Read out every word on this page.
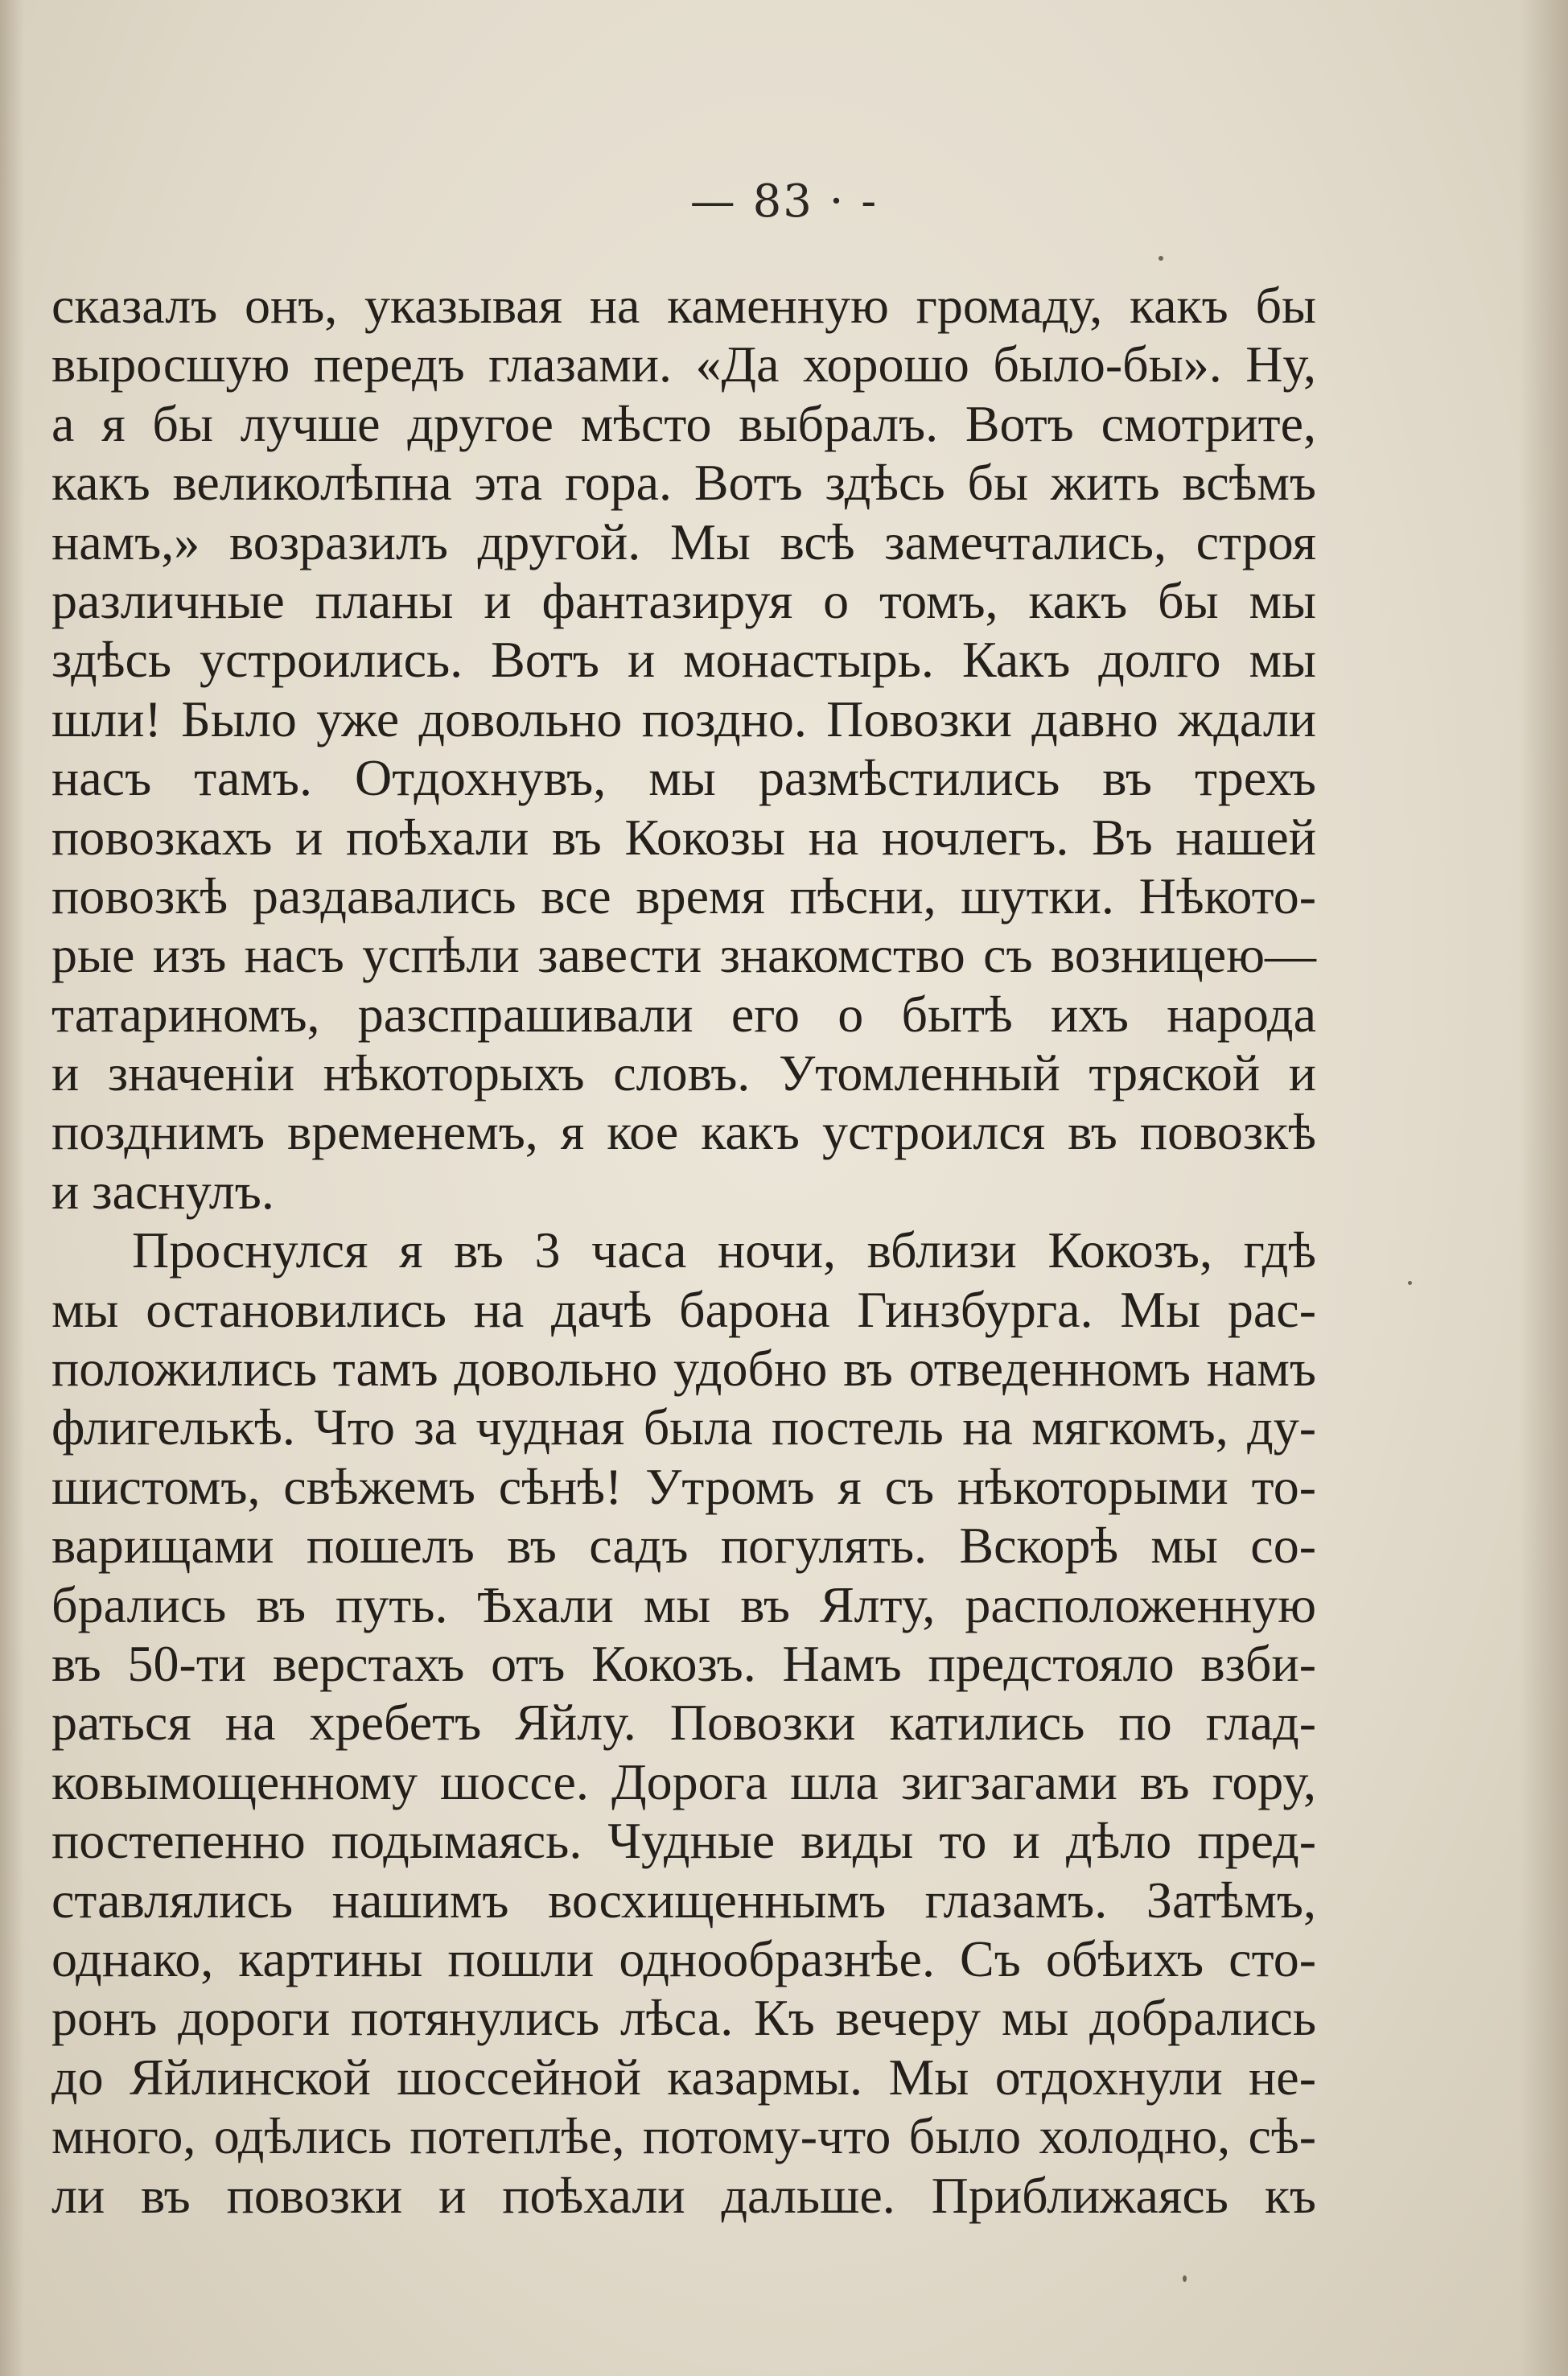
— 83 · -

сказалъ онъ, указывая на каменную громаду, какъ бы
выросшую передъ глазами. «Да хорошо было-бы». Ну,
а я бы лучше другое мѣсто выбралъ. Вотъ смотрите,
какъ великолѣпна эта гора. Вотъ здѣсь бы жить всѣмъ
намъ,» возразилъ другой. Мы всѣ замечтались, строя
различные планы и фантазируя о томъ, какъ бы мы
здѣсь устроились. Вотъ и монастырь. Какъ долго мы
шли! Было уже довольно поздно. Повозки давно ждали
насъ тамъ. Отдохнувъ, мы размѣстились въ трехъ
повозкахъ и поѣхали въ Кокозы на ночлегъ. Въ нашей
повозкѣ раздавались все время пѣсни, шутки. Нѣкото-
рые изъ насъ успѣли завести знакомство съ возницею—
татариномъ, разспрашивали его о бытѣ ихъ народа
и значенiи нѣкоторыхъ словъ. Утомленный тряской и
позднимъ временемъ, я кое какъ устроился въ повозкѣ
и заснулъ.
Проснулся я въ 3 часа ночи, вблизи Кокозъ, гдѣ
мы остановились на дачѣ барона Гинзбурга. Мы рас-
положились тамъ довольно удобно въ отведенномъ намъ
флигелькѣ. Что за чудная была постель на мягкомъ, ду-
шистомъ, свѣжемъ сѣнѣ! Утромъ я съ нѣкоторыми то-
варищами пошелъ въ садъ погулять. Вскорѣ мы со-
брались въ путь. Ѣхали мы въ Ялту, расположенную
въ 50-ти верстахъ отъ Кокозъ. Намъ предстояло взби-
раться на хребетъ Яйлу. Повозки катились по глад-
ковымощенному шоссе. Дорога шла зигзагами въ гору,
постепенно подымаясь. Чудные виды то и дѣло пред-
ставлялись нашимъ восхищеннымъ глазамъ. Затѣмъ,
однако, картины пошли однообразнѣе. Съ обѣихъ сто-
ронъ дороги потянулись лѣса. Къ вечеру мы добрались
до Яйлинской шоссейной казармы. Мы отдохнули не-
много, одѣлись потеплѣе, потому-что было холодно, сѣ-
ли въ повозки и поѣхали дальше. Приближаясь къ
